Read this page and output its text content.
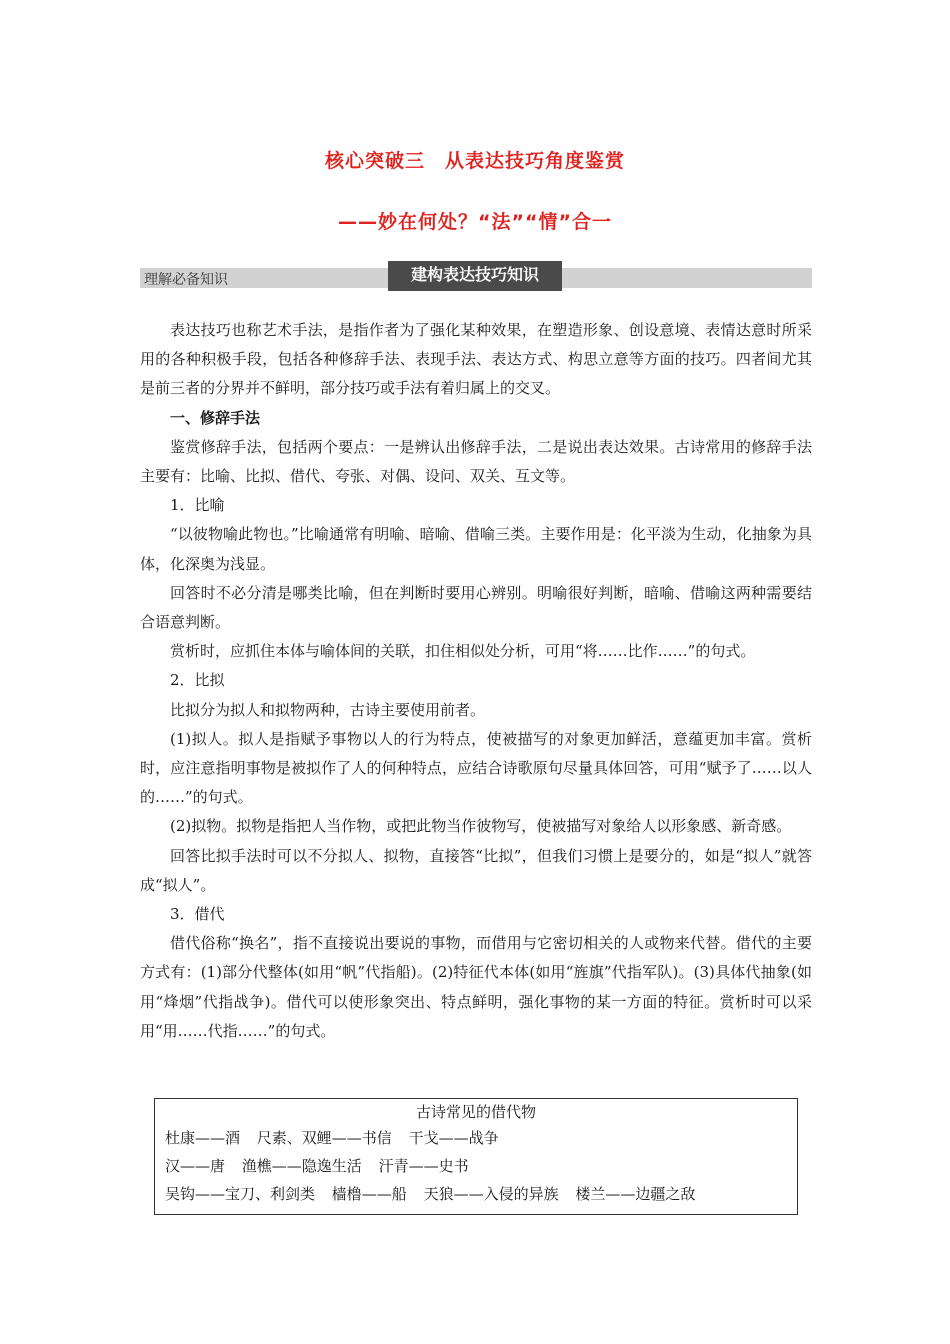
核心突破三　从表达技巧角度鉴赏
——妙在何处？“法”“情”合一
理解必备知识	建构表达技巧知识

表达技巧也称艺术手法，是指作者为了强化某种效果，在塑造形象、创设意境、表情达意时所采用的各种积极手段，包括各种修辞手法、表现手法、表达方式、构思立意等方面的技巧。四者间尤其是前三者的分界并不鲜明，部分技巧或手法有着归属上的交叉。

一、修辞手法

鉴赏修辞手法，包括两个要点：一是辨认出修辞手法，二是说出表达效果。古诗常用的修辞手法主要有：比喻、比拟、借代、夸张、对偶、设问、双关、互文等。

1．比喻

“以彼物喻此物也。”比喻通常有明喻、暗喻、借喻三类。主要作用是：化平淡为生动，化抽象为具体，化深奥为浅显。

回答时不必分清是哪类比喻，但在判断时要用心辨别。明喻很好判断，暗喻、借喻这两种需要结合语意判断。

赏析时，应抓住本体与喻体间的关联，扣住相似处分析，可用“将……比作……”的句式。

2．比拟

比拟分为拟人和拟物两种，古诗主要使用前者。

(1)拟人。拟人是指赋予事物以人的行为特点，使被描写的对象更加鲜活，意蕴更加丰富。赏析时，应注意指明事物是被拟作了人的何种特点，应结合诗歌原句尽量具体回答，可用“赋予了……以人的……”的句式。

(2)拟物。拟物是指把人当作物，或把此物当作彼物写，使被描写对象给人以形象感、新奇感。

回答比拟手法时可以不分拟人、拟物，直接答“比拟”，但我们习惯上是要分的，如是“拟人”就答成“拟人”。

3．借代

借代俗称“换名”，指不直接说出要说的事物，而借用与它密切相关的人或物来代替。借代的主要方式有：(1)部分代整体(如用“帆”代指船)。(2)特征代本体(如用“旌旗”代指军队)。(3)具体代抽象(如用“烽烟”代指战争)。借代可以使形象突出、特点鲜明，强化事物的某一方面的特征。赏析时可以采用“用……代指……”的句式。

古诗常见的借代物
杜康——酒 尺素、双鲤——书信 干戈——战争
汉——唐 渔樵——隐逸生活 汗青——史书
吴钩——宝刀、利剑类 樯橹——船 天狼——入侵的异族 楼兰——边疆之敌
